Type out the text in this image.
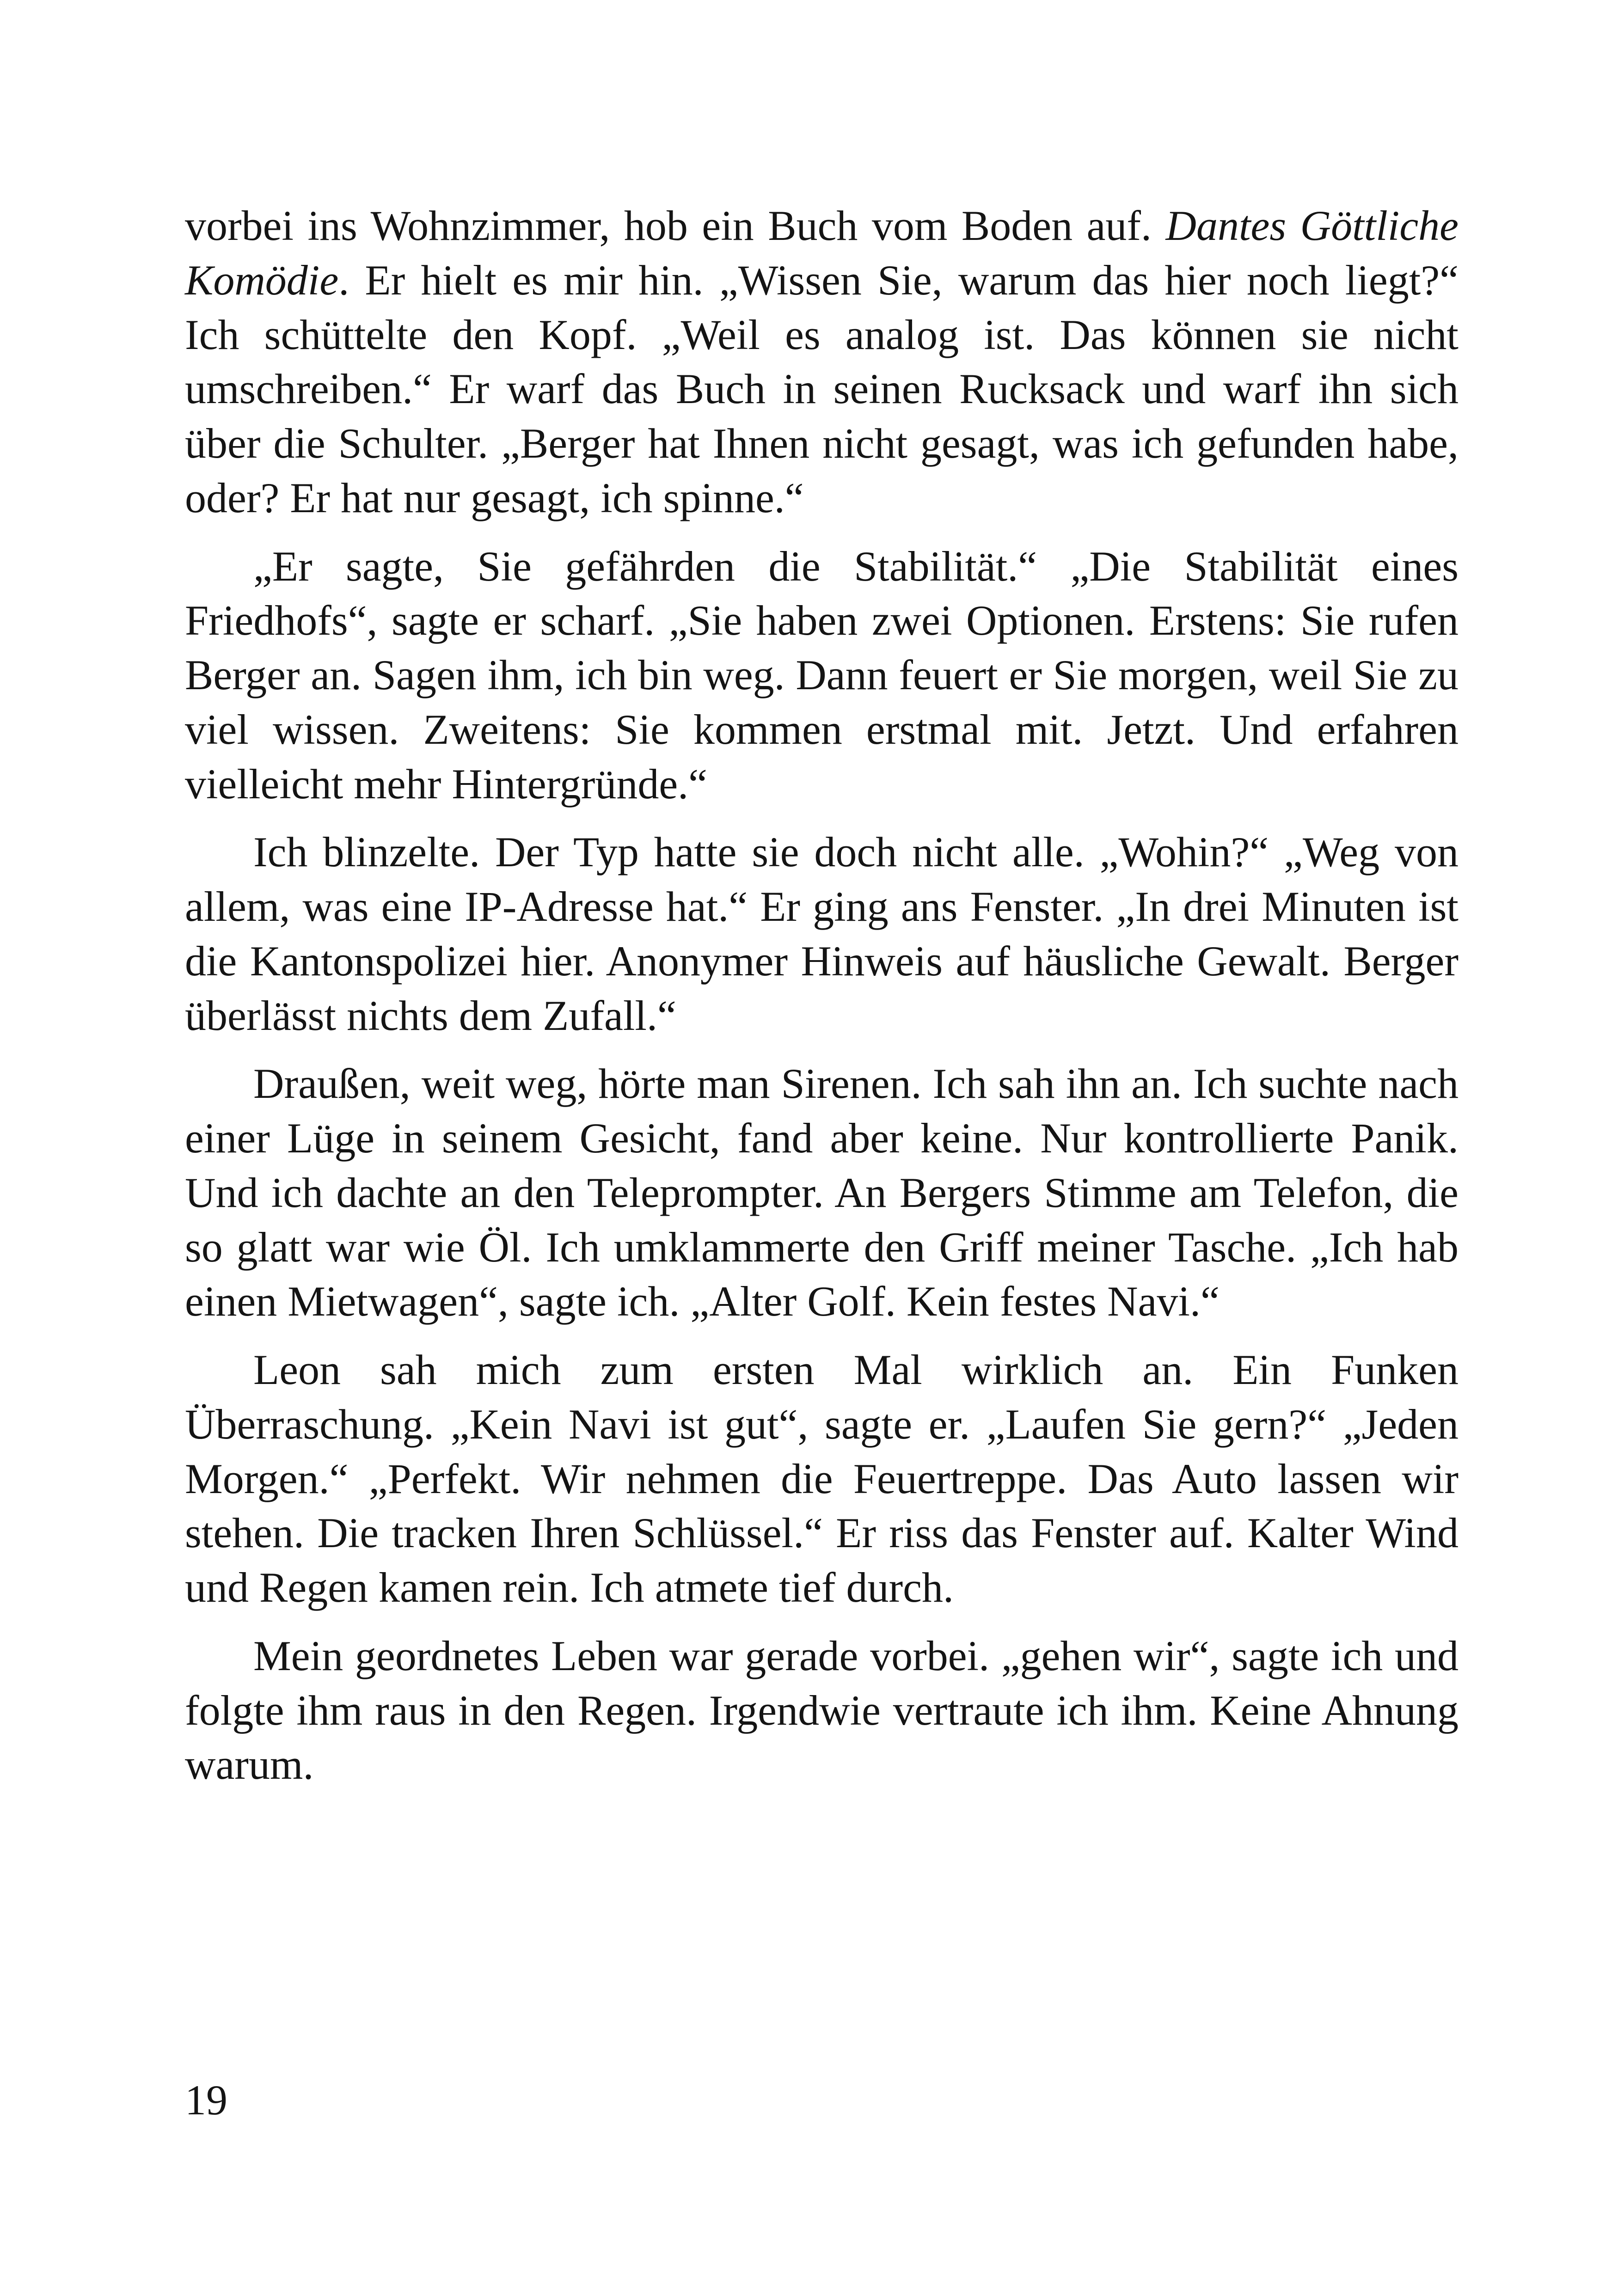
vorbei ins Wohnzimmer, hob ein Buch vom Boden auf. Dantes Göttliche Komödie. Er hielt es mir hin. „Wissen Sie, warum das hier noch liegt?“ Ich schüttelte den Kopf. „Weil es analog ist. Das können sie nicht umschreiben.“ Er warf das Buch in seinen Rucksack und warf ihn sich über die Schulter. „Berger hat Ihnen nicht gesagt, was ich gefunden habe, oder? Er hat nur gesagt, ich spinne.“

„Er sagte, Sie gefährden die Stabilität.“ „Die Stabilität eines Friedhofs“, sagte er scharf. „Sie haben zwei Optionen. Erstens: Sie rufen Berger an. Sagen ihm, ich bin weg. Dann feuert er Sie morgen, weil Sie zu viel wissen. Zweitens: Sie kommen erstmal mit. Jetzt. Und erfahren vielleicht mehr Hintergründe.“

Ich blinzelte. Der Typ hatte sie doch nicht alle. „Wohin?“ „Weg von allem, was eine IP-Adresse hat.“ Er ging ans Fenster. „In drei Minuten ist die Kantonspolizei hier. Anonymer Hinweis auf häusliche Gewalt. Berger überlässt nichts dem Zufall.“

Draußen, weit weg, hörte man Sirenen. Ich sah ihn an. Ich suchte nach einer Lüge in seinem Gesicht, fand aber keine. Nur kontrollierte Panik. Und ich dachte an den Teleprompter. An Bergers Stimme am Telefon, die so glatt war wie Öl. Ich umklammerte den Griff meiner Tasche. „Ich hab einen Mietwagen“, sagte ich. „Alter Golf. Kein festes Navi.“

Leon sah mich zum ersten Mal wirklich an. Ein Funken Überraschung. „Kein Navi ist gut“, sagte er. „Laufen Sie gern?“ „Jeden Morgen.“ „Perfekt. Wir nehmen die Feuertreppe. Das Auto lassen wir stehen. Die tracken Ihren Schlüssel.“ Er riss das Fenster auf. Kalter Wind und Regen kamen rein. Ich atmete tief durch.

Mein geordnetes Leben war gerade vorbei. „gehen wir“, sagte ich und folgte ihm raus in den Regen. Irgendwie vertraute ich ihm. Keine Ahnung warum.

19
